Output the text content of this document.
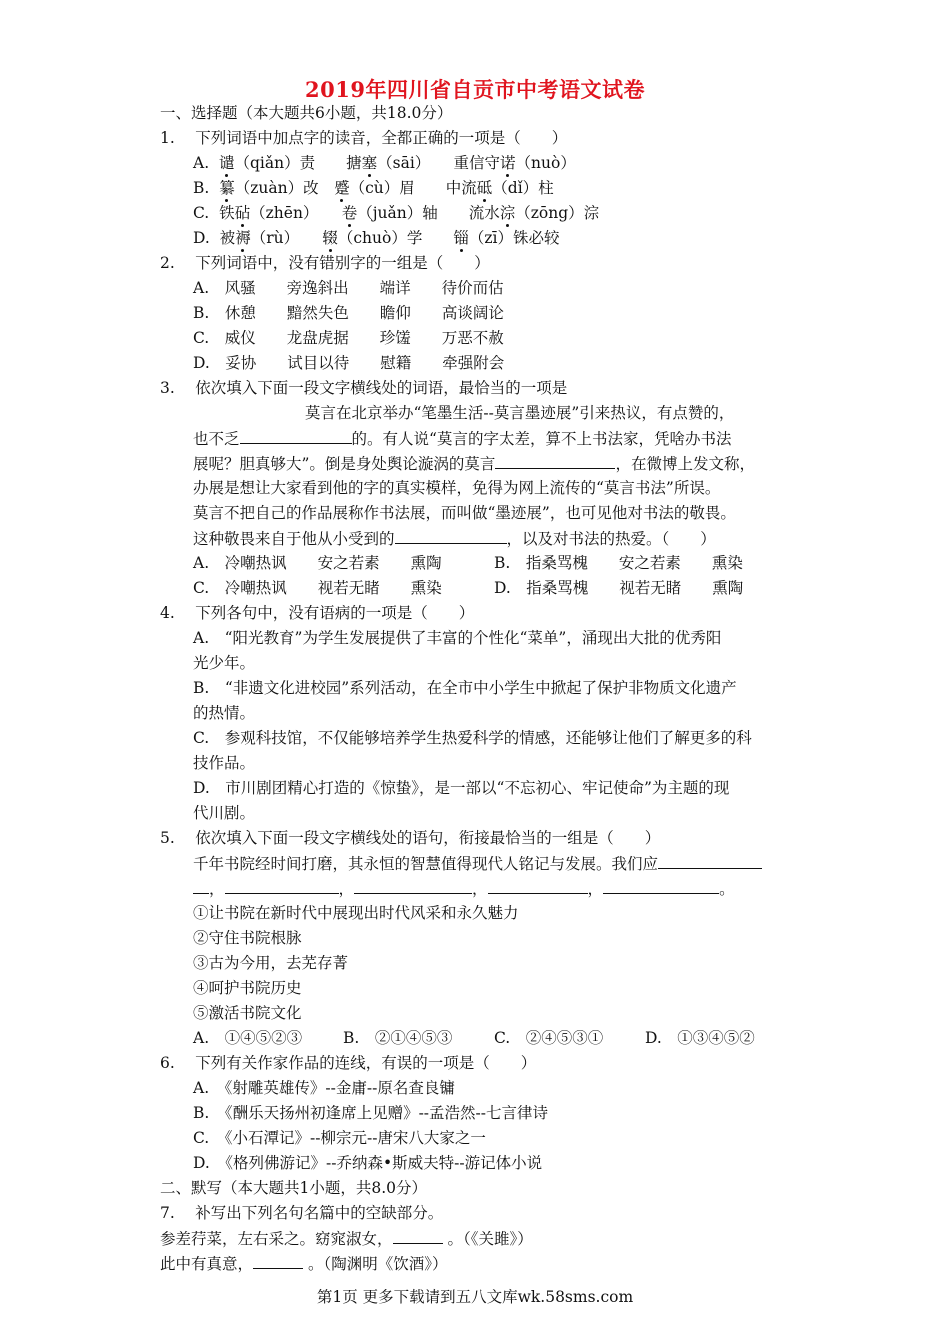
2019年四川省自贡市中考语文试卷
一、选择题（本大题共6小题，共18.0分）
1.　 下列词语中加点字的读音，全都正确的一项是（　　）
A. 谴（qiǎn）责　　搪塞（sāi）　　重信守诺（nuò）
B. 纂（zuàn）改　蹙（cù）眉　　中流砥（dǐ）柱
C. 铁砧（zhēn）　　卷（juǎn）轴　　流水淙（zōng）淙
D. 被褥（rù）　　辍（chuò）学　　锱（zī）铢必较
2.　 下列词语中，没有错别字的一组是（　　）
A.　风骚　　旁逸斜出　　端详　　待价而估
B.　休憩　　黯然失色　　瞻仰　　高谈阔论
C.　威仪　　龙盘虎据　　珍馐　　万恶不赦
D.　妥协　　试目以待　　慰籍　　牵强附会
3.　 依次填入下面一段文字横线处的词语，最恰当的一项是
莫言在北京举办“笔墨生活--莫言墨迹展”引来热议，有点赞的，
也不乏	的。有人说“莫言的字太差，算不上书法家，凭啥办书法
展呢？胆真够大”。倒是身处舆论漩涡的莫言	，在微博上发文称，
办展是想让大家看到他的字的真实模样，免得为网上流传的“莫言书法”所误。
莫言不把自己的作品展称作书法展，而叫做“墨迹展”，也可见他对书法的敬畏。
这种敬畏来自于他从小受到的	，以及对书法的热爱。（　　）
A.　冷嘲热讽　　安之若素　　熏陶	B.　指桑骂槐　　安之若素　　熏染
C.　冷嘲热讽　　视若无睹　　熏染	D.　指桑骂槐　　视若无睹　　熏陶
4.　 下列各句中，没有语病的一项是（　　）
A.　“阳光教育”为学生发展提供了丰富的个性化“菜单”，涌现出大批的优秀阳
光少年。
B.　“非遗文化进校园”系列活动，在全市中小学生中掀起了保护非物质文化遗产
的热情。
C.　参观科技馆，不仅能够培养学生热爱科学的情感，还能够让他们了解更多的科
技作品。
D.　市川剧团精心打造的《惊蛰》，是一部以“不忘初心、牢记使命”为主题的现
代川剧。
5.　 依次填入下面一段文字横线处的语句，衔接最恰当的一组是（　　）
千年书院经时间打磨，其永恒的智慧值得现代人铭记与发展。我们应
，	，	，	，	。
①让书院在新时代中展现出时代风采和永久魅力
②守住书院根脉
③古为今用，去芜存菁
④呵护书院历史
⑤激活书院文化
A.　①④⑤②③	B.　②①④⑤③	C.　②④⑤③①	D.　①③④⑤②
6.　 下列有关作家作品的连线，有误的一项是（　　）
A.　《射雕英雄传》--金庸--原名查良镛
B.　《酬乐天扬州初逢席上见赠》--孟浩然--七言律诗
C.　《小石潭记》--柳宗元--唐宋八大家之一
D.　《格列佛游记》--乔纳森•斯威夫特--游记体小说
二、默写（本大题共1小题，共8.0分）
7.　 补写出下列名句名篇中的空缺部分。
参差荇菜，左右采之。窈窕淑女，	。（《关雎》）
此中有真意，	。（陶渊明《饮酒》）
第1页 更多下载请到五八文库wk.58sms.com
